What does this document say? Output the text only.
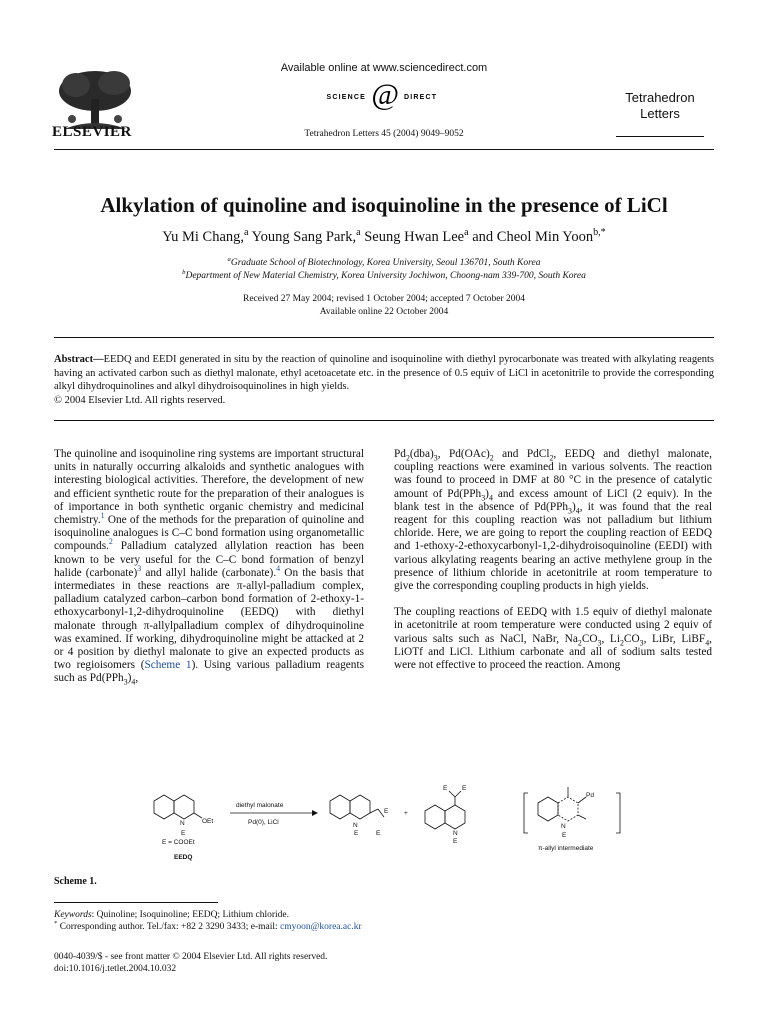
ELSEVIER
Available online at www.sciencedirect.com
SCIENCE @ DIRECT
Tetrahedron Letters 45 (2004) 9049–9052
Tetrahedron
Letters
Alkylation of quinoline and isoquinoline in the presence of LiCl
Yu Mi Chang,$^a$ Young Sang Park,$^a$ Seung Hwan Lee$^a$ and Cheol Min Yoon$^{b,*}$
$^a$Graduate School of Biotechnology, Korea University, Seoul 136701, South Korea
$^b$Department of New Material Chemistry, Korea University Jochiwon, Choong-nam 339-700, South Korea
Received 27 May 2004; revised 1 October 2004; accepted 7 October 2004
Available online 22 October 2004
Abstract—EEDQ and EEDI generated in situ by the reaction of quinoline and isoquinoline with diethyl pyrocarbonate was treated with alkylating reagents having an activated carbon such as diethyl malonate, ethyl acetoacetate etc. in the presence of 0.5 equiv of LiCl in acetonitrile to provide the corresponding alkyl dihydroquinolines and alkyl dihydroisoquinolines in high yields.
© 2004 Elsevier Ltd. All rights reserved.

The quinoline and isoquinoline ring systems are important structural units in naturally occurring alkaloids and synthetic analogues with interesting biological activities. Therefore, the development of new and efficient synthetic route for the preparation of their analogues is of importance in both synthetic organic chemistry and medicinal chemistry.$^1$ One of the methods for the preparation of quinoline and isoquinoline analogues is C–C bond formation using organometallic compounds.$^2$ Palladium catalyzed allylation reaction has been known to be very useful for the C–C bond formation of benzyl halide (carbonate)$^3$ and allyl halide (carbonate).$^4$ On the basis that intermediates in these reactions are π-allyl-palladium complex, palladium catalyzed carbon–carbon bond formation of 2-ethoxy-1-ethoxycarbonyl-1,2-dihydroquinoline (EEDQ) with diethyl malonate through π-allylpalladium complex of dihydroquinoline was examined. If working, dihydroquinoline might be attacked at 2 or 4 position by diethyl malonate to give an expected products as two regioisomers (Scheme 1). Using various palladium reagents such as $Pd(PPh_3)_4$,

$Pd_2(dba)_3$, $Pd(OAc)_2$ and PdCl$_2$, EEDQ and diethyl malonate, coupling reactions were examined in various solvents. The reaction was found to proceed in DMF at 80 °C in the presence of catalytic amount of $Pd(PPh_3)_4$ and excess amount of LiCl (2 equiv). In the blank test in the absence of $Pd(PPh_3)_4$, it was found that the real reagent for this coupling reaction was not palladium but lithium chloride. Here, we are going to report the coupling reaction of EEDQ and 1-ethoxy-2-ethoxycarbonyl-1,2-dihydroisoquinoline (EEDI) with various alkylating reagents bearing an active methylene group in the presence of lithium chloride in acetonitrile at room temperature to give the corresponding coupling products in high yields.

The coupling reactions of EEDQ with 1.5 equiv of diethyl malonate in acetonitrile at room temperature were conducted using 2 equiv of various salts such as NaCl, NaBr, $Na_2CO_3$, $Li_2CO_3$, LiBr, LiBF$_4$, LiOTf and LiCl. Lithium carbonate and all of sodium salts tested were not effective to proceed the reaction. Among

N	OEt
E
E = COOEt
EEDQ
diethyl malonate
Pd(0), LiCl	N
E
E
E
+
E E
N
E
Pd
N
E
π-allyl intermediate
Scheme 1.
Keywords: Quinoline; Isoquinoline; EEDQ; Lithium chloride.
* Corresponding author. Tel./fax: +82 2 3290 3433; e-mail: cmyoon@korea.ac.kr
0040-4039/$ - see front matter © 2004 Elsevier Ltd. All rights reserved.
doi:10.1016/j.tetlet.2004.10.032
